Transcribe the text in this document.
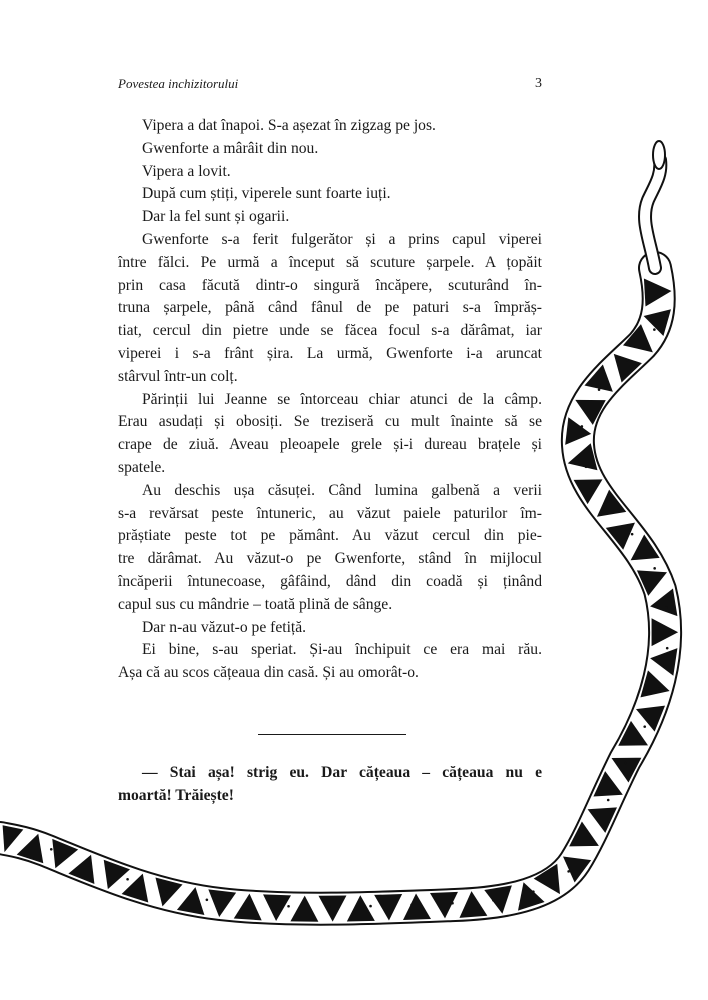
Povestea inchizitorului	3
Vipera a dat înapoi. S-a așezat în zigzag pe jos.
Gwenforte a mârâit din nou.
Vipera a lovit.
După cum știți, viperele sunt foarte iuți.
Dar la fel sunt și ogarii.
Gwenforte s-a ferit fulgerător și a prins capul viperei
între fălci. Pe urmă a început să scuture șarpele. A țopăit
prin casa făcută dintr-o singură încăpere, scuturând în-
truna șarpele, până când fânul de pe paturi s-a împrăș-
tiat, cercul din pietre unde se făcea focul s-a dărâmat, iar
viperei i s-a frânt șira. La urmă, Gwenforte i-a aruncat
stârvul într-un colț.
Părinții lui Jeanne se întorceau chiar atunci de la câmp.
Erau asudați și obosiți. Se treziseră cu mult înainte să se
crape de ziuă. Aveau pleoapele grele și-i dureau brațele și
spatele.
Au deschis ușa căsuței. Când lumina galbenă a verii
s-a revărsat peste întuneric, au văzut paiele paturilor îm-
prăștiate peste tot pe pământ. Au văzut cercul din pie-
tre dărâmat. Au văzut-o pe Gwenforte, stând în mijlocul
încăperii întunecoase, gâfâind, dând din coadă și ținând
capul sus cu mândrie – toată plină de sânge.
Dar n-au văzut-o pe fetiță.
Ei bine, s-au speriat. Și-au închipuit ce era mai rău.
Așa că au scos cățeaua din casă. Și au omorât-o.
— Stai așa! strig eu. Dar cățeaua – cățeaua nu e
moartă! Trăiește!
